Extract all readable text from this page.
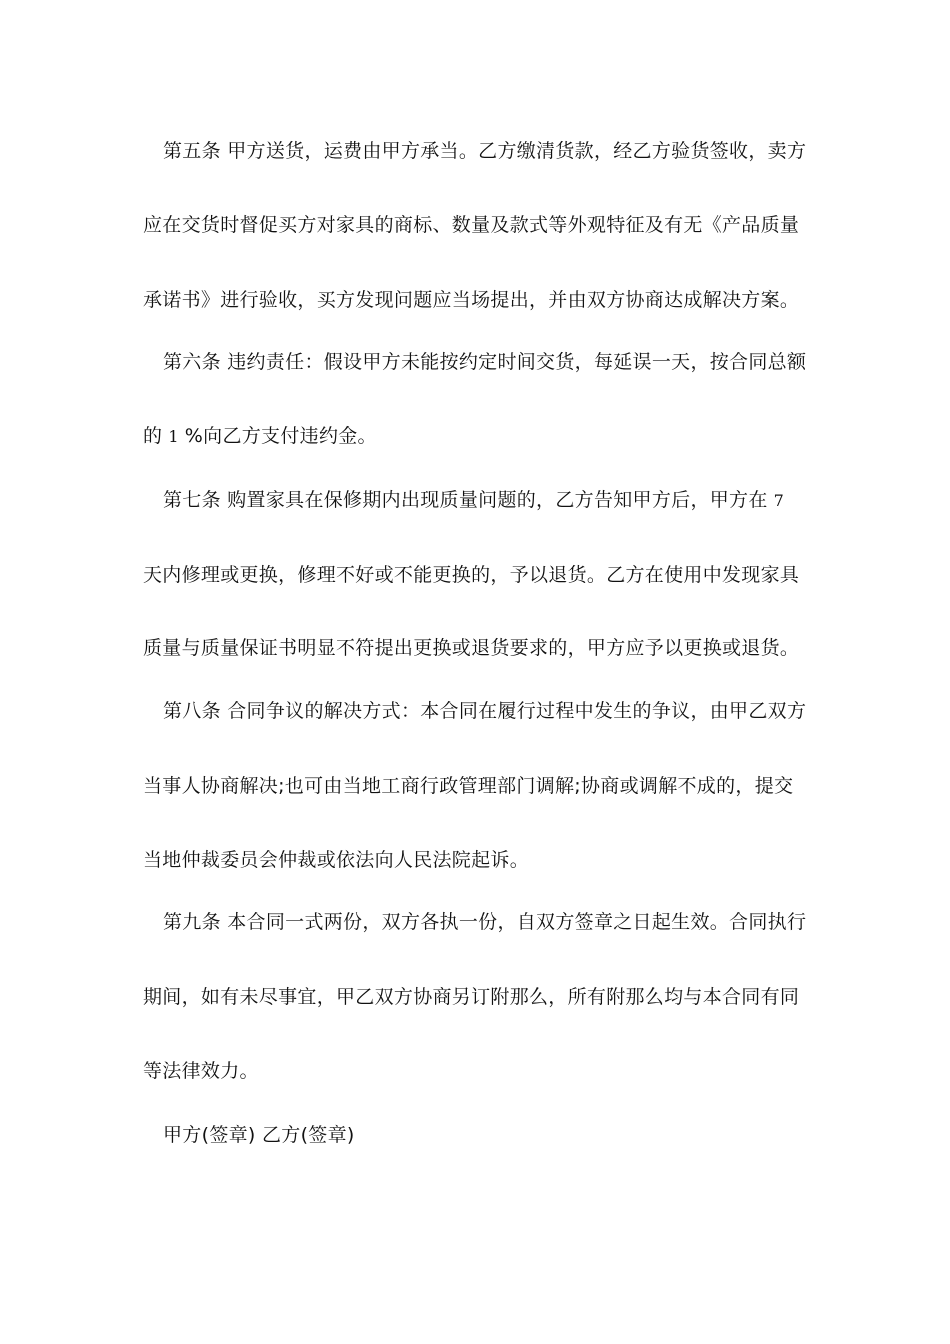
第五条 甲方送货，运费由甲方承当。乙方缴清货款，经乙方验货签收，卖方
应在交货时督促买方对家具的商标、数量及款式等外观特征及有无《产品质量
承诺书》进行验收，买方发现问题应当场提出，并由双方协商达成解决方案。
第六条 违约责任：假设甲方未能按约定时间交货，每延误一天，按合同总额
的 1 %向乙方支付违约金。
第七条 购置家具在保修期内出现质量问题的，乙方告知甲方后，甲方在 7
天内修理或更换，修理不好或不能更换的，予以退货。乙方在使用中发现家具
质量与质量保证书明显不符提出更换或退货要求的，甲方应予以更换或退货。
第八条 合同争议的解决方式：本合同在履行过程中发生的争议，由甲乙双方
当事人协商解决;也可由当地工商行政管理部门调解;协商或调解不成的，提交
当地仲裁委员会仲裁或依法向人民法院起诉。
第九条 本合同一式两份，双方各执一份，自双方签章之日起生效。合同执行
期间，如有未尽事宜，甲乙双方协商另订附那么，所有附那么均与本合同有同
等法律效力。
甲方(签章) 乙方(签章)
